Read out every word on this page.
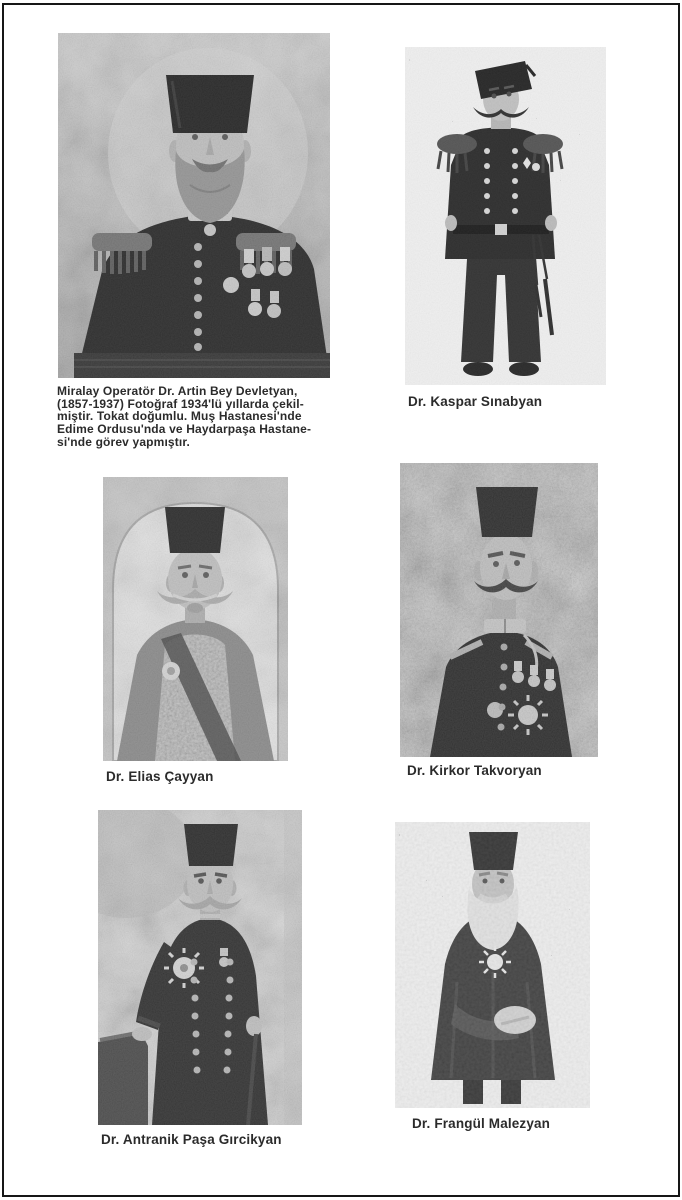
Miralay Operatör Dr. Artin Bey Devletyan,
(1857-1937) Fotoğraf 1934'lü yıllarda çekil-
miştir. Tokat doğumlu. Muş Hastanesi'nde
Edime Ordusu'nda ve Haydarpaşa Hastane-
si'nde görev yapmıştır.
Dr. Kaspar Sınabyan
Dr. Elias Çayyan	Dr. Kirkor Takvoryan
Dr. Antranik Paşa Gırcikyan
Dr. Frangül Malezyan
